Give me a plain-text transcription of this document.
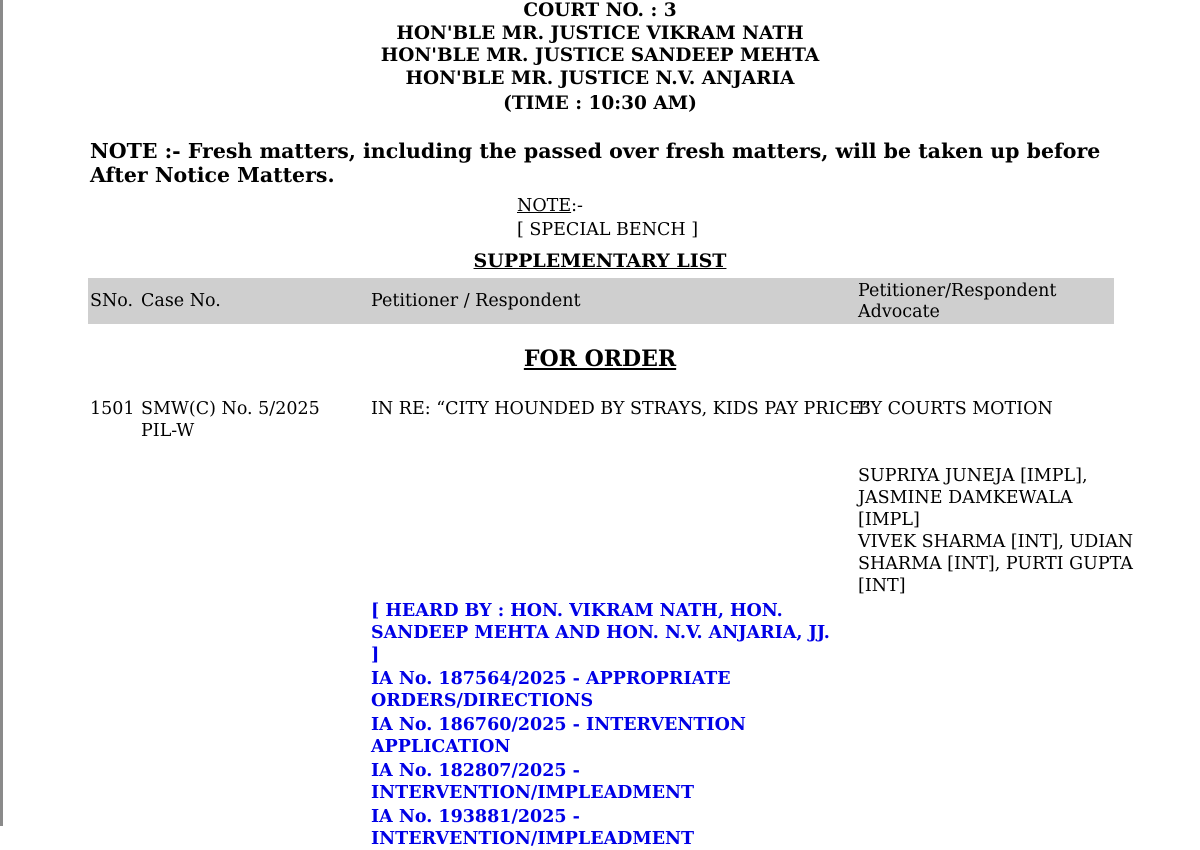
COURT NO. : 3
HON'BLE MR. JUSTICE VIKRAM NATH
HON'BLE MR. JUSTICE SANDEEP MEHTA
HON'BLE MR. JUSTICE N.V. ANJARIA
(TIME : 10:30 AM)
NOTE :- Fresh matters, including the passed over fresh matters, will be taken up before After Notice Matters.
NOTE:-
[ SPECIAL BENCH ]
SUPPLEMENTARY LIST
SNo. Case No.	Petitioner / Respondent	Petitioner/Respondent
Advocate
FOR ORDER
1501 SMW(C) No. 5/2025
PIL-W
IN RE: “CITY HOUNDED BY STRAYS, KIDS PAY PRICE”
BY COURTS MOTION
SUPRIYA JUNEJA [IMPL],
JASMINE DAMKEWALA
[IMPL]
VIVEK SHARMA [INT], UDIAN
SHARMA [INT], PURTI GUPTA
[INT]
[ HEARD BY : HON. VIKRAM NATH, HON.
SANDEEP MEHTA AND HON. N.V. ANJARIA, JJ. ]
IA No. 187564/2025 - APPROPRIATE
ORDERS/DIRECTIONS
IA No. 186760/2025 - INTERVENTION
APPLICATION
IA No. 182807/2025 -
INTERVENTION/IMPLEADMENT
IA No. 193881/2025 -
INTERVENTION/IMPLEADMENT
